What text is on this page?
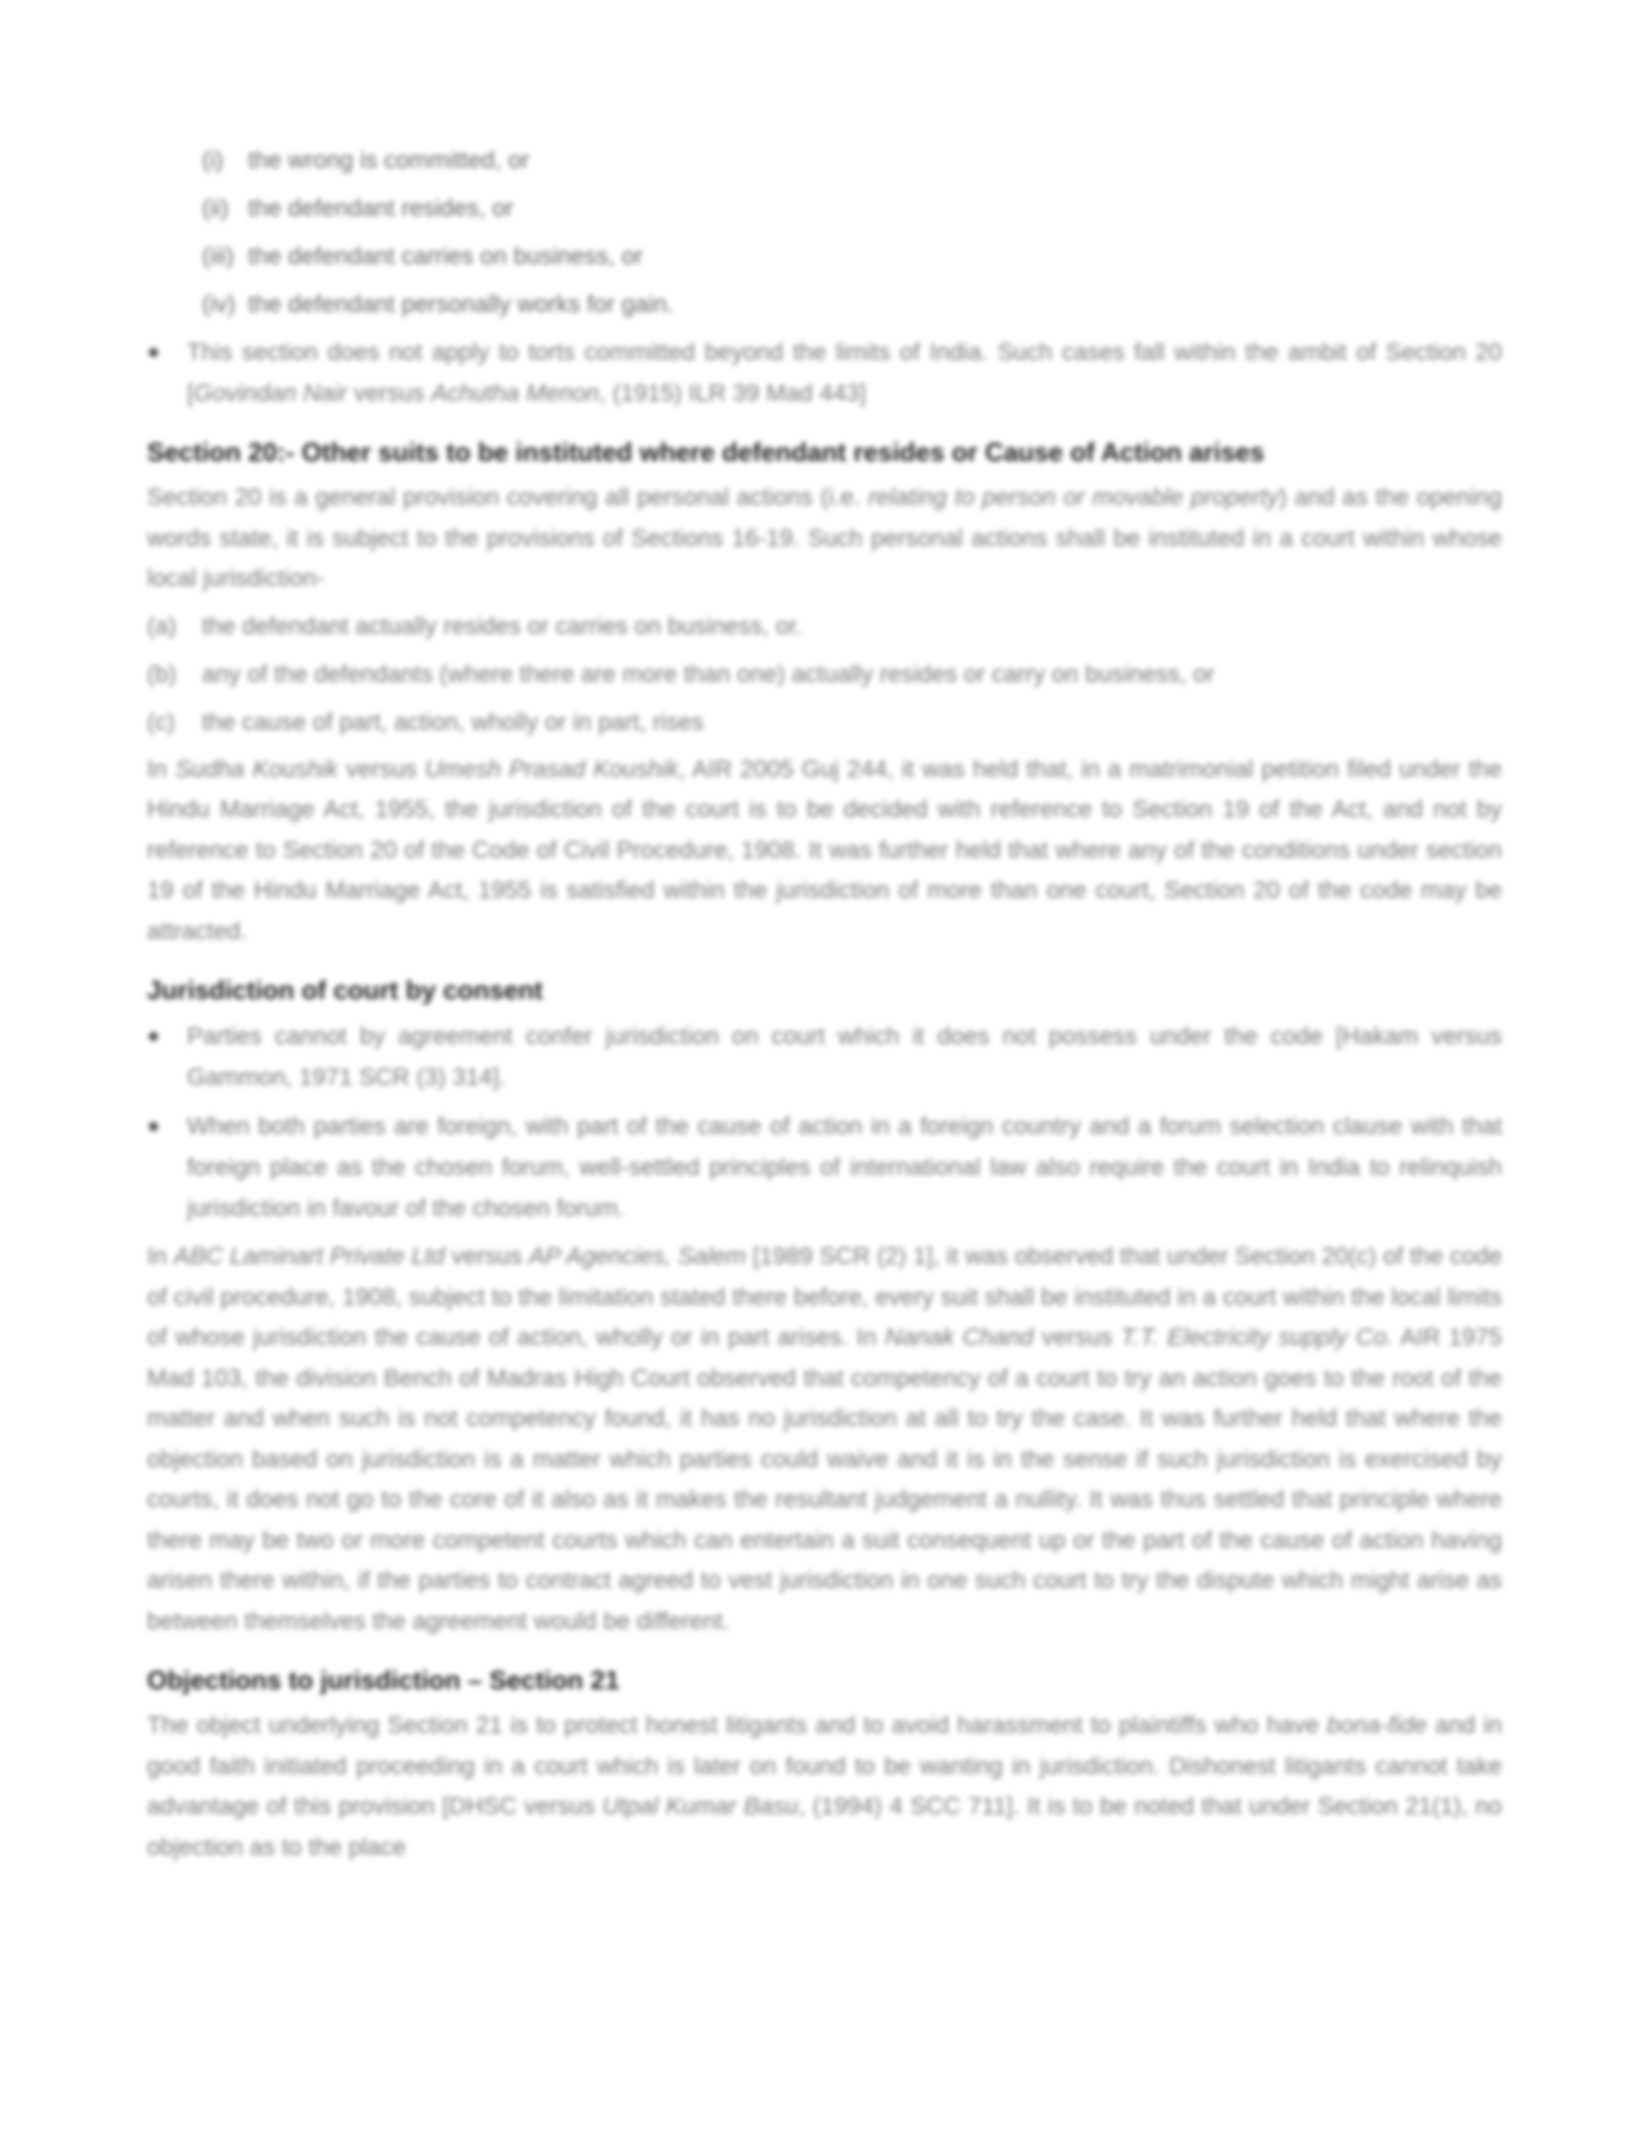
(i) the wrong is committed, or

(ii) the defendant resides, or

(iii) the defendant carries on business, or

(iv) the defendant personally works for gain.

This section does not apply to torts committed beyond the limits of India. Such cases fall within the ambit of Section 20 [Govindan Nair versus Achutha Menon, (1915) ILR 39 Mad 443]
Section 20:- Other suits to be instituted where defendant resides or Cause of Action arises

Section 20 is a general provision covering all personal actions (i.e. relating to person or movable property) and as the opening words state, it is subject to the provisions of Sections 16-19. Such personal actions shall be instituted in a court within whose local jurisdiction-

(a) the defendant actually resides or carries on business, or.

(b) any of the defendants (where there are more than one) actually resides or carry on business, or

(c) the cause of part, action, wholly or in part, rises

In Sudha Koushik versus Umesh Prasad Koushik, AIR 2005 Guj 244, it was held that, in a matrimonial petition filed under the Hindu Marriage Act, 1955, the jurisdiction of the court is to be decided with reference to Section 19 of the Act, and not by reference to Section 20 of the Code of Civil Procedure, 1908. It was further held that where any of the conditions under section 19 of the Hindu Marriage Act, 1955 is satisfied within the jurisdiction of more than one court, Section 20 of the code may be attracted.

Jurisdiction of court by consent
Parties cannot by agreement confer jurisdiction on court which it does not possess under the code [Hakam versus Gammon, 1971 SCR (3) 314].
When both parties are foreign, with part of the cause of action in a foreign country and a forum selection clause with that foreign place as the chosen forum, well-settled principles of international law also require the court in India to relinquish jurisdiction in favour of the chosen forum.

In ABC Laminart Private Ltd versus AP Agencies, Salem [1989 SCR (2) 1], it was observed that under Section 20(c) of the code of civil procedure, 1908, subject to the limitation stated there before, every suit shall be instituted in a court within the local limits of whose jurisdiction the cause of action, wholly or in part arises. In Nanak Chand versus T.T. Electricity supply Co. AIR 1975 Mad 103, the division Bench of Madras High Court observed that competency of a court to try an action goes to the root of the matter and when such is not competency found, it has no jurisdiction at all to try the case. It was further held that where the objection based on jurisdiction is a matter which parties could waive and it is in the sense if such jurisdiction is exercised by courts, it does not go to the core of it also as it makes the resultant judgement a nullity. It was thus settled that principle where there may be two or more competent courts which can entertain a suit consequent up or the part of the cause of action having arisen there within, if the parties to contract agreed to vest jurisdiction in one such court to try the dispute which might arise as between themselves the agreement would be different.

Objections to jurisdiction – Section 21

The object underlying Section 21 is to protect honest litigants and to avoid harassment to plaintiffs who have bona-fide and in good faith initiated proceeding in a court which is later on found to be wanting in jurisdiction. Dishonest litigants cannot take advantage of this provision [DHSC versus Utpal Kumar Basu, (1994) 4 SCC 711]. It is to be noted that under Section 21(1), no objection as to the place
